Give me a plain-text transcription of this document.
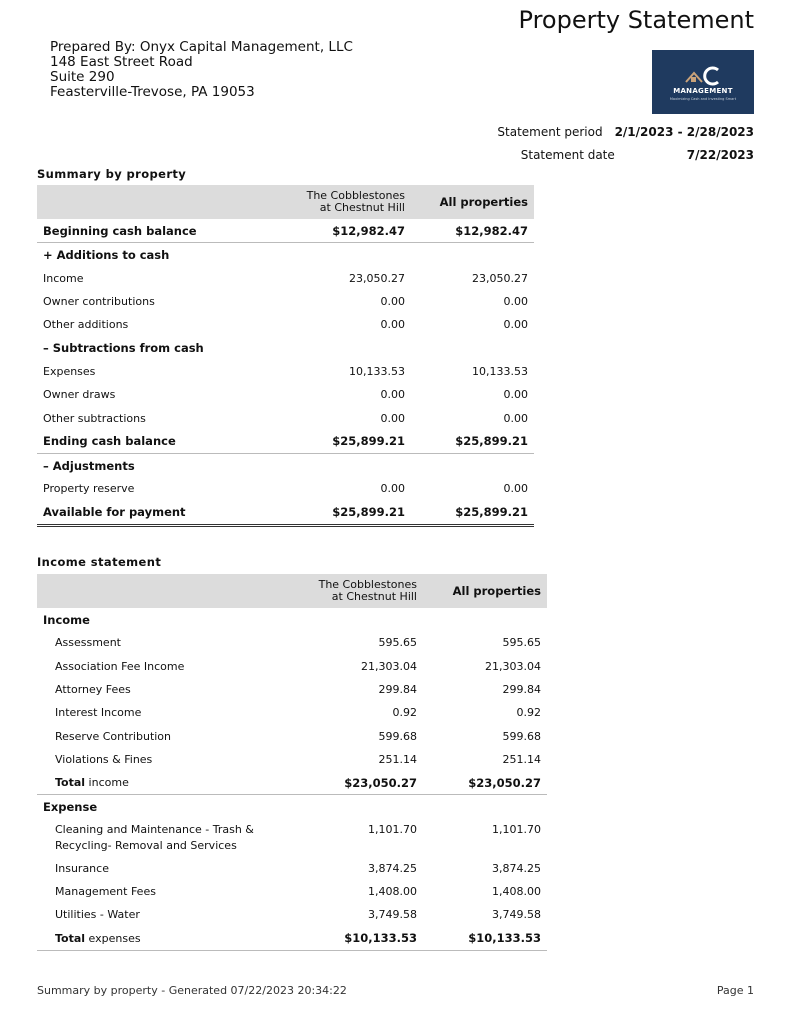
Property Statement
Prepared By: Onyx Capital Management, LLC
148 East Street Road
Suite 290
Feasterville-Trevose, PA 19053	MANAGEMENT
Maximizing Cash and Investing Smart
Statement period 2/1/2023 - 2/28/2023
Statement date	7/22/2023
Summary by property
	The Cobblestones at Chestnut Hill	All properties
Beginning cash balance	$12,982.47	$12,982.47
+ Additions to cash		
Income	23,050.27	23,050.27
Owner contributions	0.00	0.00
Other additions	0.00	0.00
– Subtractions from cash		
Expenses	10,133.53	10,133.53
Owner draws	0.00	0.00
Other subtractions	0.00	0.00
Ending cash balance	$25,899.21	$25,899.21
– Adjustments		
Property reserve	0.00	0.00
Available for payment	$25,899.21	$25,899.21
Income statement
	The Cobblestones at Chestnut Hill	All properties
Income		
Assessment	595.65	595.65
Association Fee Income	21,303.04	21,303.04
Attorney Fees	299.84	299.84
Interest Income	0.92	0.92
Reserve Contribution	599.68	599.68
Violations & Fines	251.14	251.14
Total income	$23,050.27	$23,050.27
Expense		
Cleaning and Maintenance - Trash & Recycling- Removal and Services	1,101.70	1,101.70
Insurance	3,874.25	3,874.25
Management Fees	1,408.00	1,408.00
Utilities - Water	3,749.58	3,749.58
Total expenses	$10,133.53	$10,133.53
Summary by property - Generated 07/22/2023 20:34:22	Page 1
